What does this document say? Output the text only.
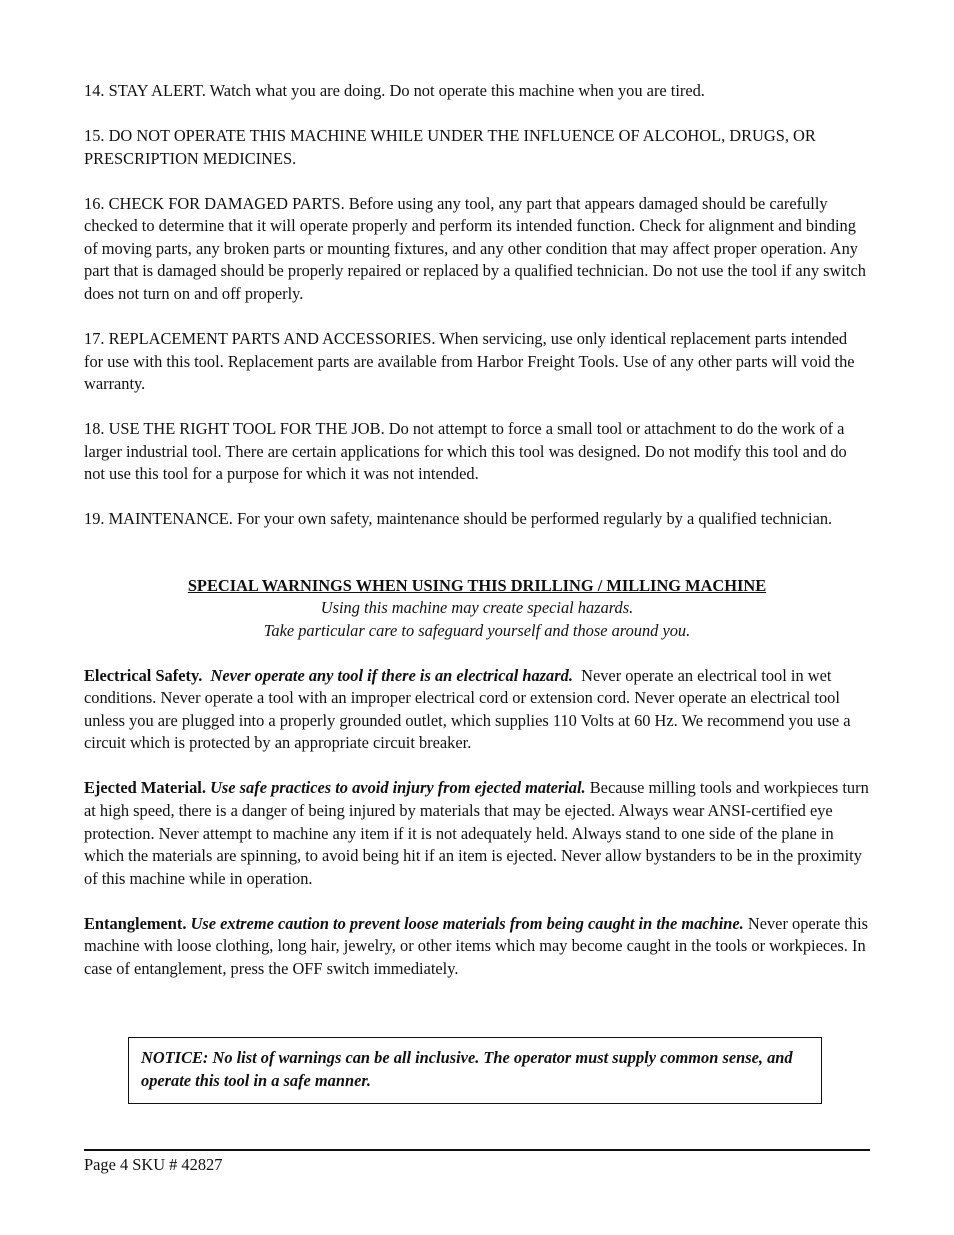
14. STAY ALERT. Watch what you are doing. Do not operate this machine when you are tired.

15. DO NOT OPERATE THIS MACHINE WHILE UNDER THE INFLUENCE OF ALCOHOL, DRUGS, OR PRESCRIPTION MEDICINES.

16. CHECK FOR DAMAGED PARTS. Before using any tool, any part that appears damaged should be carefully checked to determine that it will operate properly and perform its intended function. Check for alignment and binding of moving parts, any broken parts or mounting fixtures, and any other condition that may affect proper operation. Any part that is damaged should be properly repaired or replaced by a qualified technician. Do not use the tool if any switch does not turn on and off properly.

17. REPLACEMENT PARTS AND ACCESSORIES. When servicing, use only identical replacement parts intended for use with this tool. Replacement parts are available from Harbor Freight Tools. Use of any other parts will void the warranty.

18. USE THE RIGHT TOOL FOR THE JOB. Do not attempt to force a small tool or attachment to do the work of a larger industrial tool. There are certain applications for which this tool was designed. Do not modify this tool and do not use this tool for a purpose for which it was not intended.

19. MAINTENANCE. For your own safety, maintenance should be performed regularly by a qualified technician.

SPECIAL WARNINGS WHEN USING THIS DRILLING / MILLING MACHINE

Using this machine may create special hazards.

Take particular care to safeguard yourself and those around you.

Electrical Safety. Never operate any tool if there is an electrical hazard. Never operate an electrical tool in wet conditions. Never operate a tool with an improper electrical cord or extension cord. Never operate an electrical tool unless you are plugged into a properly grounded outlet, which supplies 110 Volts at 60 Hz. We recommend you use a circuit which is protected by an appropriate circuit breaker.

Ejected Material. Use safe practices to avoid injury from ejected material. Because milling tools and workpieces turn at high speed, there is a danger of being injured by materials that may be ejected. Always wear ANSI-certified eye protection. Never attempt to machine any item if it is not adequately held. Always stand to one side of the plane in which the materials are spinning, to avoid being hit if an item is ejected. Never allow bystanders to be in the proximity of this machine while in operation.

Entanglement. Use extreme caution to prevent loose materials from being caught in the machine. Never operate this machine with loose clothing, long hair, jewelry, or other items which may become caught in the tools or workpieces. In case of entanglement, press the OFF switch immediately.

NOTICE: No list of warnings can be all inclusive. The operator must supply common sense, and operate this tool in a safe manner.

Page 4 SKU # 42827
